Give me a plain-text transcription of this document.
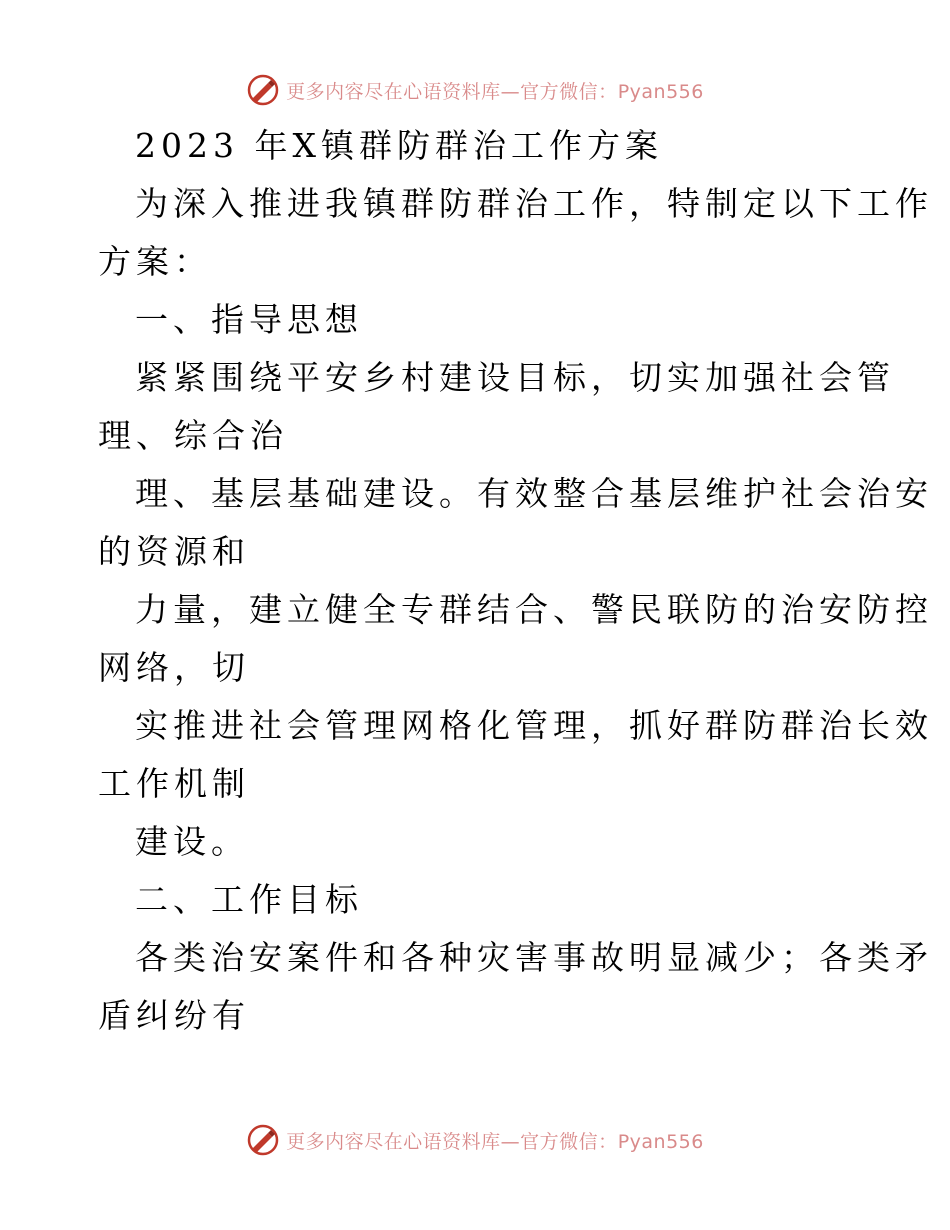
更多内容尽在心语资料库—官方微信：Pyan556
2023 年X镇群防群治工作方案
为深入推进我镇群防群治工作，特制定以下工作
方案：
一、指导思想
紧紧围绕平安乡村建设目标，切实加强社会管
理、综合治
理、基层基础建设。有效整合基层维护社会治安
的资源和
力量，建立健全专群结合、警民联防的治安防控
网络，切
实推进社会管理网格化管理，抓好群防群治长效
工作机制
建设。
二、工作目标
各类治安案件和各种灾害事故明显减少；各类矛
盾纠纷有
更多内容尽在心语资料库—官方微信：Pyan556
